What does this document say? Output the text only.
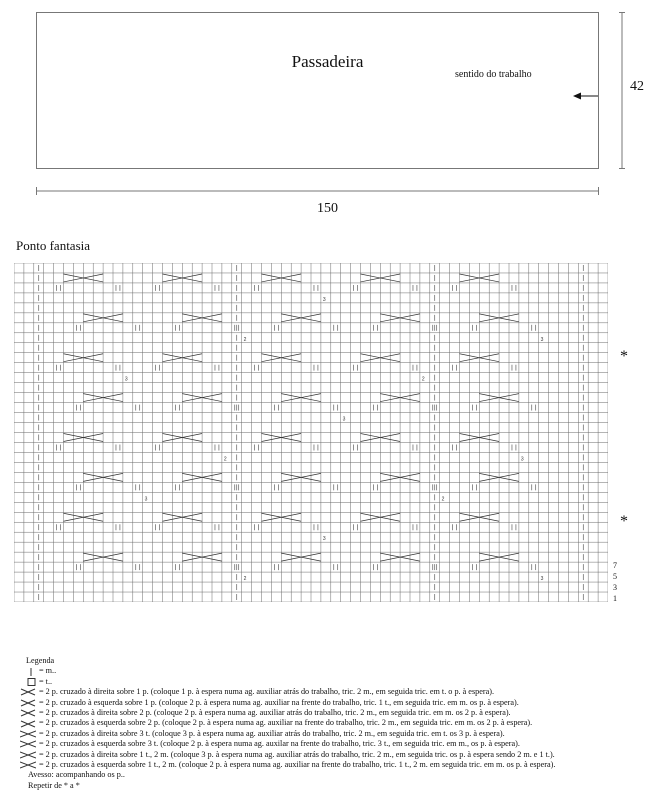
Passadeira
sentido do trabalho
42
150
Ponto fantasia
3
2	3
3	2
3
2	3
3	2
3
2	3
7
5
3
1
*
*
Legenda
= m..
= t..
= 2 p. cruzado à direita sobre 1 p. (coloque 1 p. à espera numa ag. auxiliar atrás do trabalho, tric. 2 m., em seguida tric. em t. o p. à espera).
= 2 p. cruzado à esquerda sobre 1 p. (coloque 2 p. à espera numa ag. auxiliar na frente do trabalho, tric. 1 t., em seguida tric. em m. os p. à espera).
= 2 p. cruzados à direita sobre 2 p. (coloque 2 p. à espera numa ag. auxiliar atrás do trabalho, tric. 2 m., em seguida tric. em m. os 2 p. à espera).
= 2 p. cruzados à esquerda sobre 2 p. (coloque 2 p. à espera numa ag. auxiliar na frente do trabalho, tric. 2 m., em seguida tric. em m. os 2 p. à espera).
= 2 p. cruzados à direita sobre 3 t. (coloque 3 p. à espera numa ag. auxiliar atrás do trabalho, tric. 2 m., em seguida tric. em t. os 3 p. à espera).
= 2 p. cruzados à esquerda sobre 3 t. (coloque 2 p. à espera numa ag. auxilar na frente do trabalho, tric. 3 t., em seguida tric. em m., os p. à espera).
= 2 p. cruzados à direita sobre 1 t., 2 m. (coloque 3 p. à espera numa ag. auxiliar atrás do trabalho, tric. 2 m., em seguida tric. os p. à espera sendo 2 m. e 1 t.).
= 2 p. cruzados à esquerda sobre 1 t., 2 m. (coloque 2 p. à espera numa ag. auxiliar na frente do trabalho, tric. 1 t., 2 m. em seguida tric. em m. os p. à espera).
Avesso: acompanhando os p..
Repetir de * a *
